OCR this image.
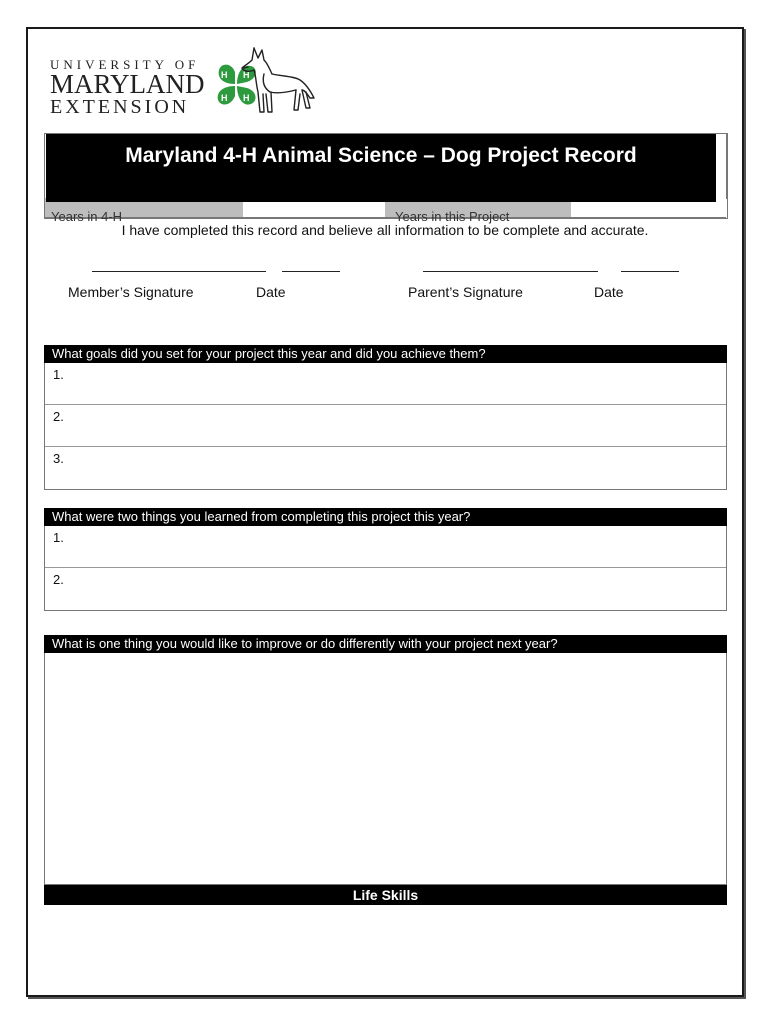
UNIVERSITY OF
MARYLAND
EXTENSION
H H
H H
Years in 4-H	Years in this Project
Maryland 4-H Animal Science – Dog Project Record
I have completed this record and believe all information to be complete and accurate.
Member’s Signature	Date	Parent’s Signature	Date
What goals did you set for your project this year and did you achieve them?
1.
2.
3.
What were two things you learned from completing this project this year?
1.
2.
What is one thing you would like to improve or do differently with your project next year?
Life Skills
